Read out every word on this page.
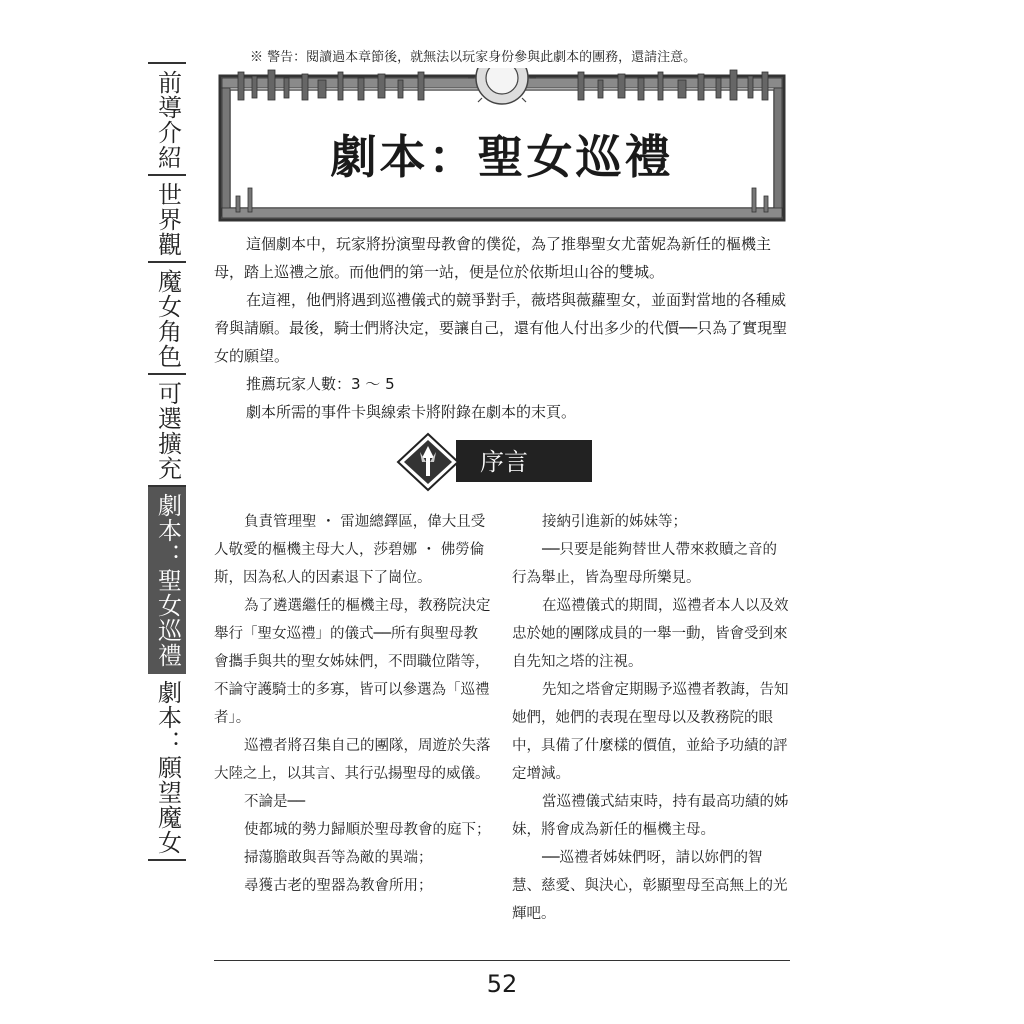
※ 警告：閱讀過本章節後，就無法以玩家身份參與此劇本的團務，還請注意。
前導介紹
世界觀
魔女角色
可選擴充
劇本：聖女巡禮
劇本：願望魔女
劇本：聖女巡禮

這個劇本中，玩家將扮演聖母教會的僕從，為了推舉聖女尤蕾妮為新任的樞機主母，踏上巡禮之旅。而他們的第一站，便是位於依斯坦山谷的雙城。

在這裡，他們將遇到巡禮儀式的競爭對手，薇塔與薇蘿聖女，並面對當地的各種威脅與請願。最後，騎士們將決定，要讓自己，還有他人付出多少的代價──只為了實現聖女的願望。

推薦玩家人數：3 ～ 5

劇本所需的事件卡與線索卡將附錄在劇本的末頁。

序言

負責管理聖 ・ 雷迦總鐸區，偉大且受人敬愛的樞機主母大人，莎碧娜 ・ 佛勞倫斯，因為私人的因素退下了崗位。

為了遴選繼任的樞機主母，教務院決定舉行「聖女巡禮」的儀式──所有與聖母教會攜手與共的聖女姊妹們，不問職位階等，不論守護騎士的多寡，皆可以參選為「巡禮者」。

巡禮者將召集自己的團隊，周遊於失落大陸之上，以其言、其行弘揚聖母的威儀。

不論是──

使都城的勢力歸順於聖母教會的庭下；

掃蕩膽敢與吾等為敵的異端；

尋獲古老的聖器為教會所用；

接納引進新的姊妹等；

──只要是能夠替世人帶來救贖之音的行為舉止，皆為聖母所樂見。

在巡禮儀式的期間，巡禮者本人以及效忠於她的團隊成員的一舉一動，皆會受到來自先知之塔的注視。

先知之塔會定期賜予巡禮者教誨，告知她們，她們的表現在聖母以及教務院的眼中，具備了什麼樣的價值，並給予功績的評定增減。

當巡禮儀式結束時，持有最高功績的姊妹，將會成為新任的樞機主母。

──巡禮者姊妹們呀，請以妳們的智慧、慈愛、與決心，彰顯聖母至高無上的光輝吧。

52
